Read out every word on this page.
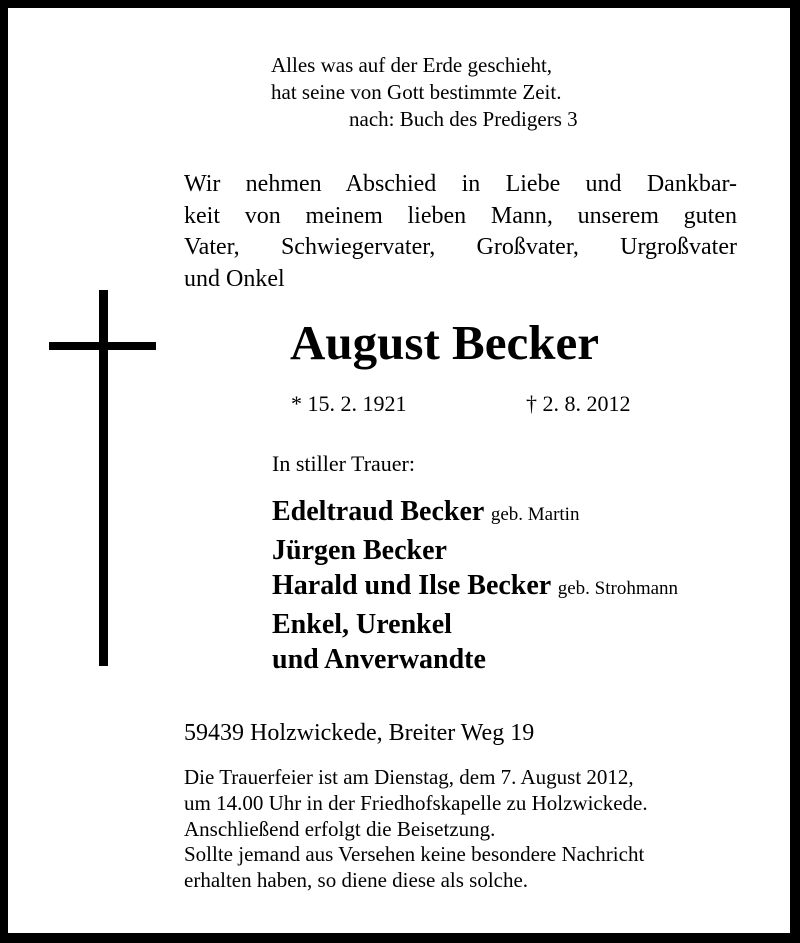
Alles was auf der Erde geschieht,
hat seine von Gott bestimmte Zeit.
nach: Buch des Predigers 3
Wir nehmen Abschied in Liebe und Dankbar-
keit von meinem lieben Mann, unserem guten
Vater, Schwiegervater, Großvater, Urgroßvater
und Onkel
August Becker
* 15. 2. 1921	† 2. 8. 2012
In stiller Trauer:
Edeltraud Becker geb. Martin
Jürgen Becker
Harald und Ilse Becker geb. Strohmann
Enkel, Urenkel
und Anverwandte
59439 Holzwickede, Breiter Weg 19
Die Trauerfeier ist am Dienstag, dem 7. August 2012,
um 14.00 Uhr in der Friedhofskapelle zu Holzwickede.
Anschließend erfolgt die Beisetzung.
Sollte jemand aus Versehen keine besondere Nachricht
erhalten haben, so diene diese als solche.
